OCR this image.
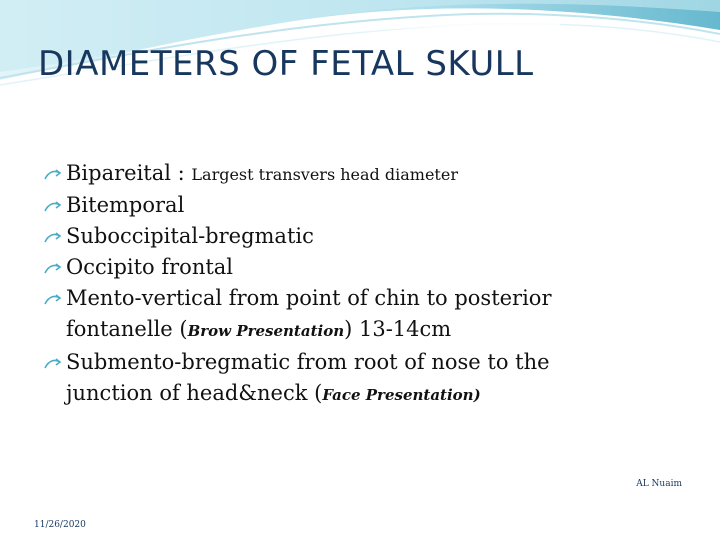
DIAMETERS OF FETAL SKULL
Bipareital : Largest transvers head diameter
Bitemporal
Suboccipital-bregmatic
Occipito frontal
Mento-vertical from point of chin to posterior
fontanelle (Brow Presentation) 13-14cm
Submento-bregmatic from root of nose to the
junction of head&neck (Face Presentation)
AL Nuaim
11/26/2020
